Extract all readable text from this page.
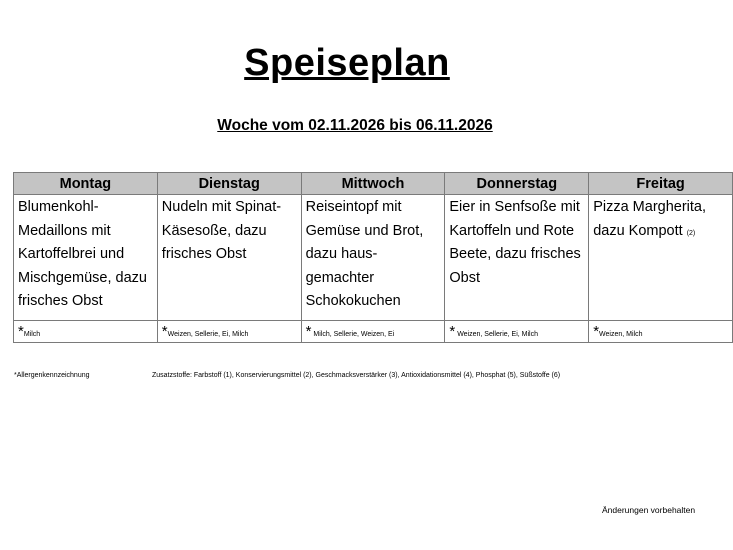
Speiseplan
Woche vom 02.11.2026 bis 06.11.2026
Montag	Dienstag	Mittwoch	Donnerstag	Freitag
Blumenkohl-Medaillons mit Kartoffelbrei und Mischgemüse, dazu frisches Obst	Nudeln mit Spinat-Käsesoße, dazu frisches Obst	Reiseintopf mit Gemüse und Brot, dazu haus-gemachter Schokokuchen	Eier in Senfsoße mit Kartoffeln und Rote Beete, dazu frisches Obst	Pizza Margherita, dazu Kompott (2)
*Milch	*Weizen, Sellerie, Ei, Milch	* Milch, Sellerie, Weizen, Ei	* Weizen, Sellerie, Ei, Milch	*Weizen, Milch
*Allergenkennzeichnung	Zusatzstoffe: Farbstoff (1), Konservierungsmittel (2), Geschmacksverstärker (3), Antioxidationsmittel (4), Phosphat (5), Süßstoffe (6)
Änderungen vorbehalten
